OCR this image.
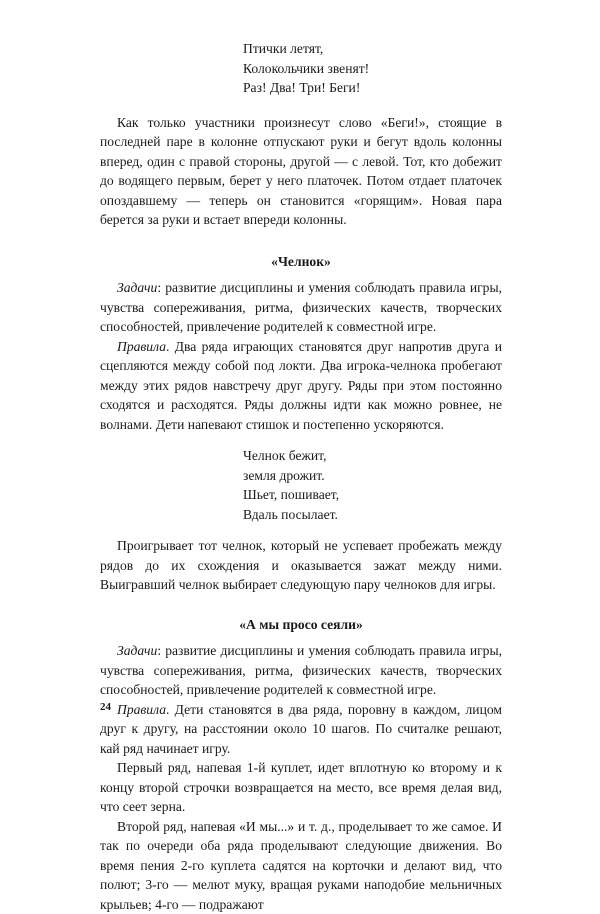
Птички летят,
Колокольчики звенят!
Раз! Два! Три! Беги!

Как только участники произнесут слово «Беги!», стоящие в последней паре в колонне отпускают руки и бегут вдоль колонны вперед, один с правой стороны, другой — с левой. Тот, кто добежит до водящего первым, берет у него платочек. Потом отдает платочек опоздавшему — теперь он становится «горящим». Новая пара берется за руки и встает впереди колонны.

«Челнок»

Задачи: развитие дисциплины и умения соблюдать правила игры, чувства сопереживания, ритма, физических качеств, творческих способностей, привлечение родителей к совместной игре.

Правила. Два ряда играющих становятся друг напротив друга и сцепляются между собой под локти. Два игрока-челнока пробегают между этих рядов навстречу друг другу. Ряды при этом постоянно сходятся и расходятся. Ряды должны идти как можно ровнее, не волнами. Дети напевают стишок и постепенно ускоряются.

Челнок бежит,
земля дрожит.
Шьет, пошивает,
Вдаль посылает.

Проигрывает тот челнок, который не успевает пробежать между рядов до их схождения и оказывается зажат между ними. Выигравший челнок выбирает следующую пару челноков для игры.

«А мы просо сеяли»

Задачи: развитие дисциплины и умения соблюдать правила игры, чувства сопереживания, ритма, физических качеств, творческих способностей, привлечение родителей к совместной игре.

Правила. Дети становятся в два ряда, поровну в каждом, лицом друг к другу, на расстоянии около 10 шагов. По считалке решают, кай ряд начинает игру.

Первый ряд, напевая 1-й куплет, идет вплотную ко второму и к концу второй строчки возвращается на место, все время делая вид, что сеет зерна.

Второй ряд, напевая «И мы...» и т. д., проделывает то же самое. И так по очереди оба ряда проделывают следующие движения. Во время пения 2-го куплета садятся на корточки и делают вид, что полют; 3-го — мелют муку, вращая руками наподобие мельничных крыльев; 4-го — подражают

24
